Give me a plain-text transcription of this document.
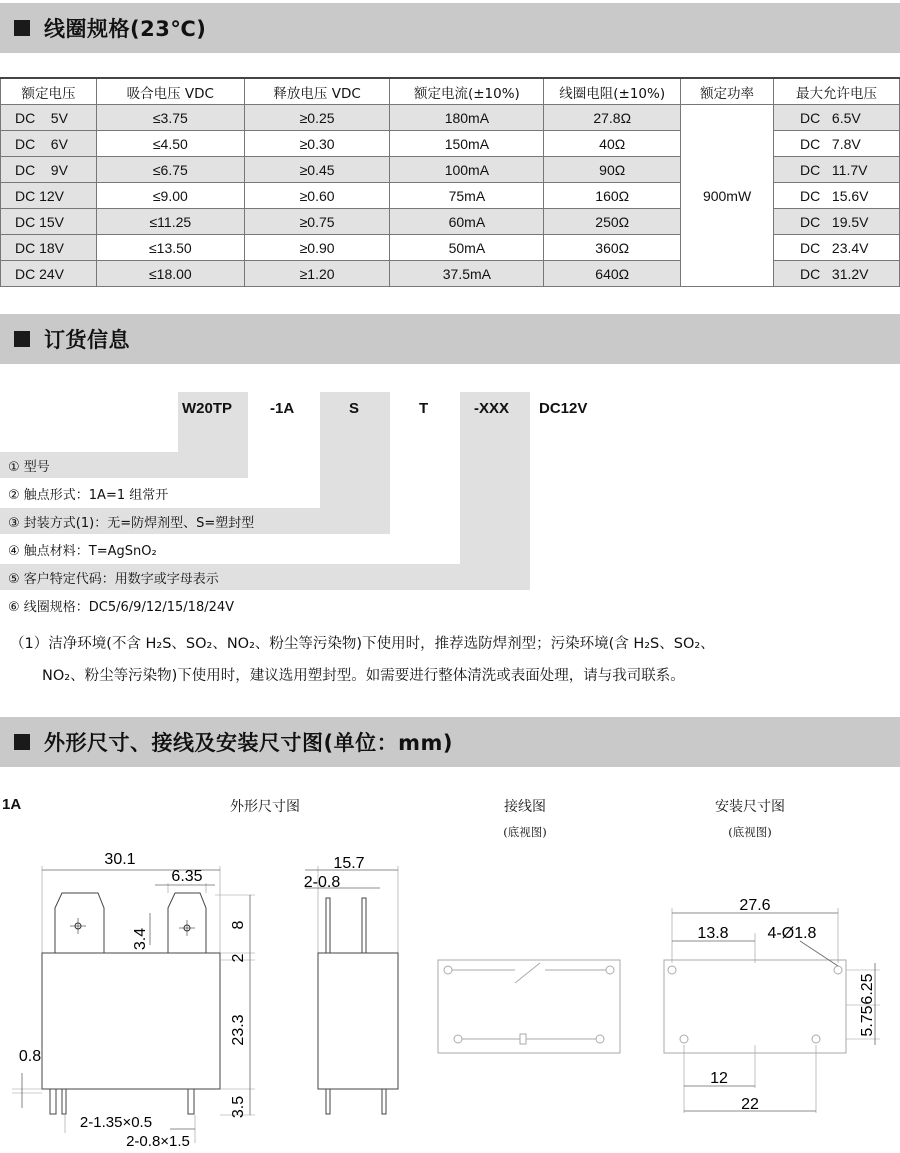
线圈规格(23℃)
额定电压	吸合电压 VDC	释放电压 VDC	额定电流(±10%)	线圈电阻(±10%)	额定功率	最大允许电压
DC    5V	≤3.75	≥0.25	180mA	27.8Ω	900mW	DC   6.5V
DC    6V	≤4.50	≥0.30	150mA	40Ω		DC   7.8V
DC    9V	≤6.75	≥0.45	100mA	90Ω		DC   11.7V
DC 12V	≤9.00	≥0.60	75mA	160Ω		DC   15.6V
DC 15V	≤11.25	≥0.75	60mA	250Ω		DC   19.5V
DC 18V	≤13.50	≥0.90	50mA	360Ω		DC   23.4V
DC 24V	≤18.00	≥1.20	37.5mA	640Ω		DC   31.2V
订货信息
W20TP	-1A	S	T	-XXX DC12V
① 型号
② 触点形式：1A=1 组常开
③ 封装方式(1)：无=防焊剂型、S=塑封型
④ 触点材料：T=AgSnO₂
⑤ 客户特定代码：用数字或字母表示
⑥ 线圈规格：DC5/6/9/12/15/18/24V
（1）洁净环境(不含 H₂S、SO₂、NO₂、粉尘等污染物)下使用时，推荐选防焊剂型；污染环境(含 H₂S、SO₂、
NO₂、粉尘等污染物)下使用时，建议选用塑封型。如需要进行整体清洗或表面处理，请与我司联系。
外形尺寸、接线及安装尺寸图(单位：mm)
1A	外形尺寸图	接线图
(底视图)
安装尺寸图
(底视图)
30.1
6.35
3.4
8
2
23.3
3.5
0.8
2-1.35×0.5
2-0.8×1.5
15.7
2-0.8
27.6
13.8 4-Ø1.8
6.25
5.75
12
22
